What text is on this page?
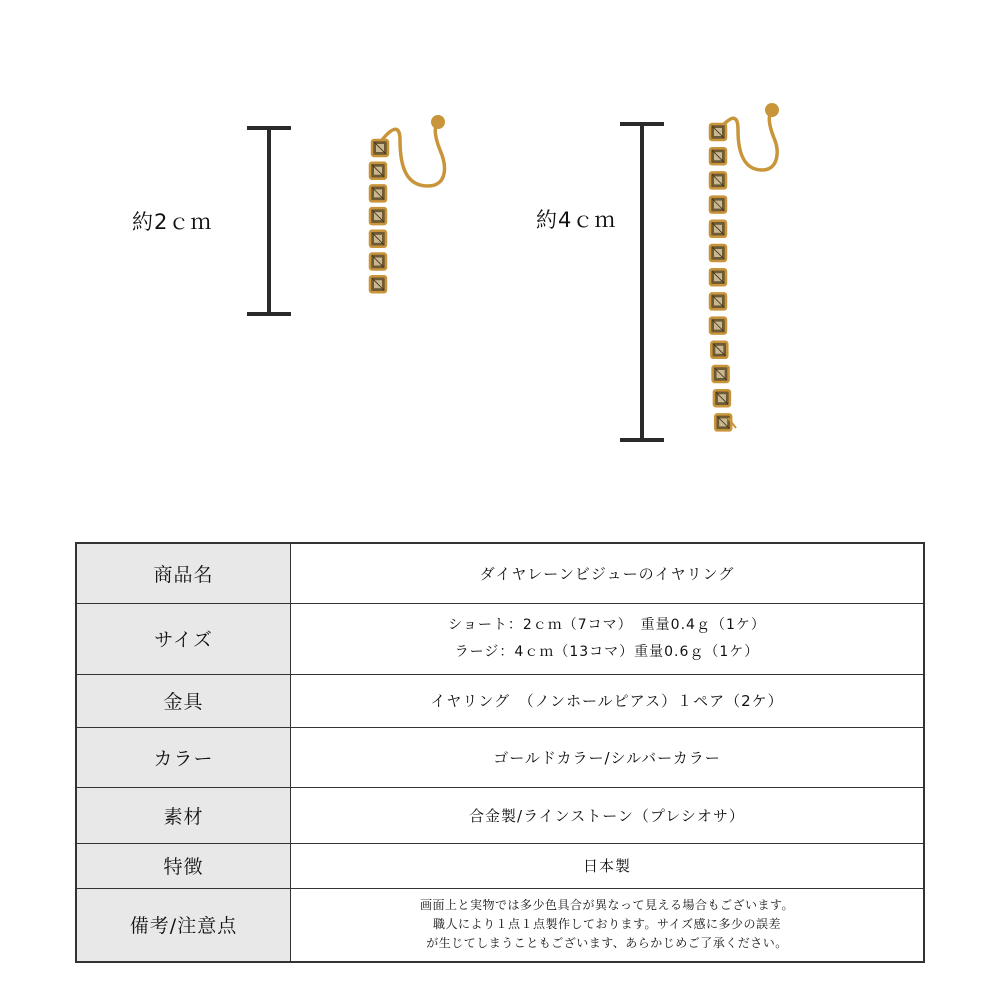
約2ｃｍ	約4ｃｍ
商品名	ダイヤレーンビジューのイヤリング
サイズ	ショート：2ｃｍ（7コマ）　重量0.4ｇ（1ケ）
ラージ：4ｃｍ（13コマ）重量0.6ｇ（1ケ）

金具	イヤリング　（ノンホールピアス）１ペア（2ケ）
カラー	ゴールドカラー/シルバーカラー
素材	合金製/ラインストーン（プレシオサ）
特徴	日本製
備考/注意点	画面上と実物では多少色具合が異なって見える場合もございます。
職人により１点１点製作しております。サイズ感に多少の誤差
が生じてしまうこともございます、あらかじめご了承ください。
